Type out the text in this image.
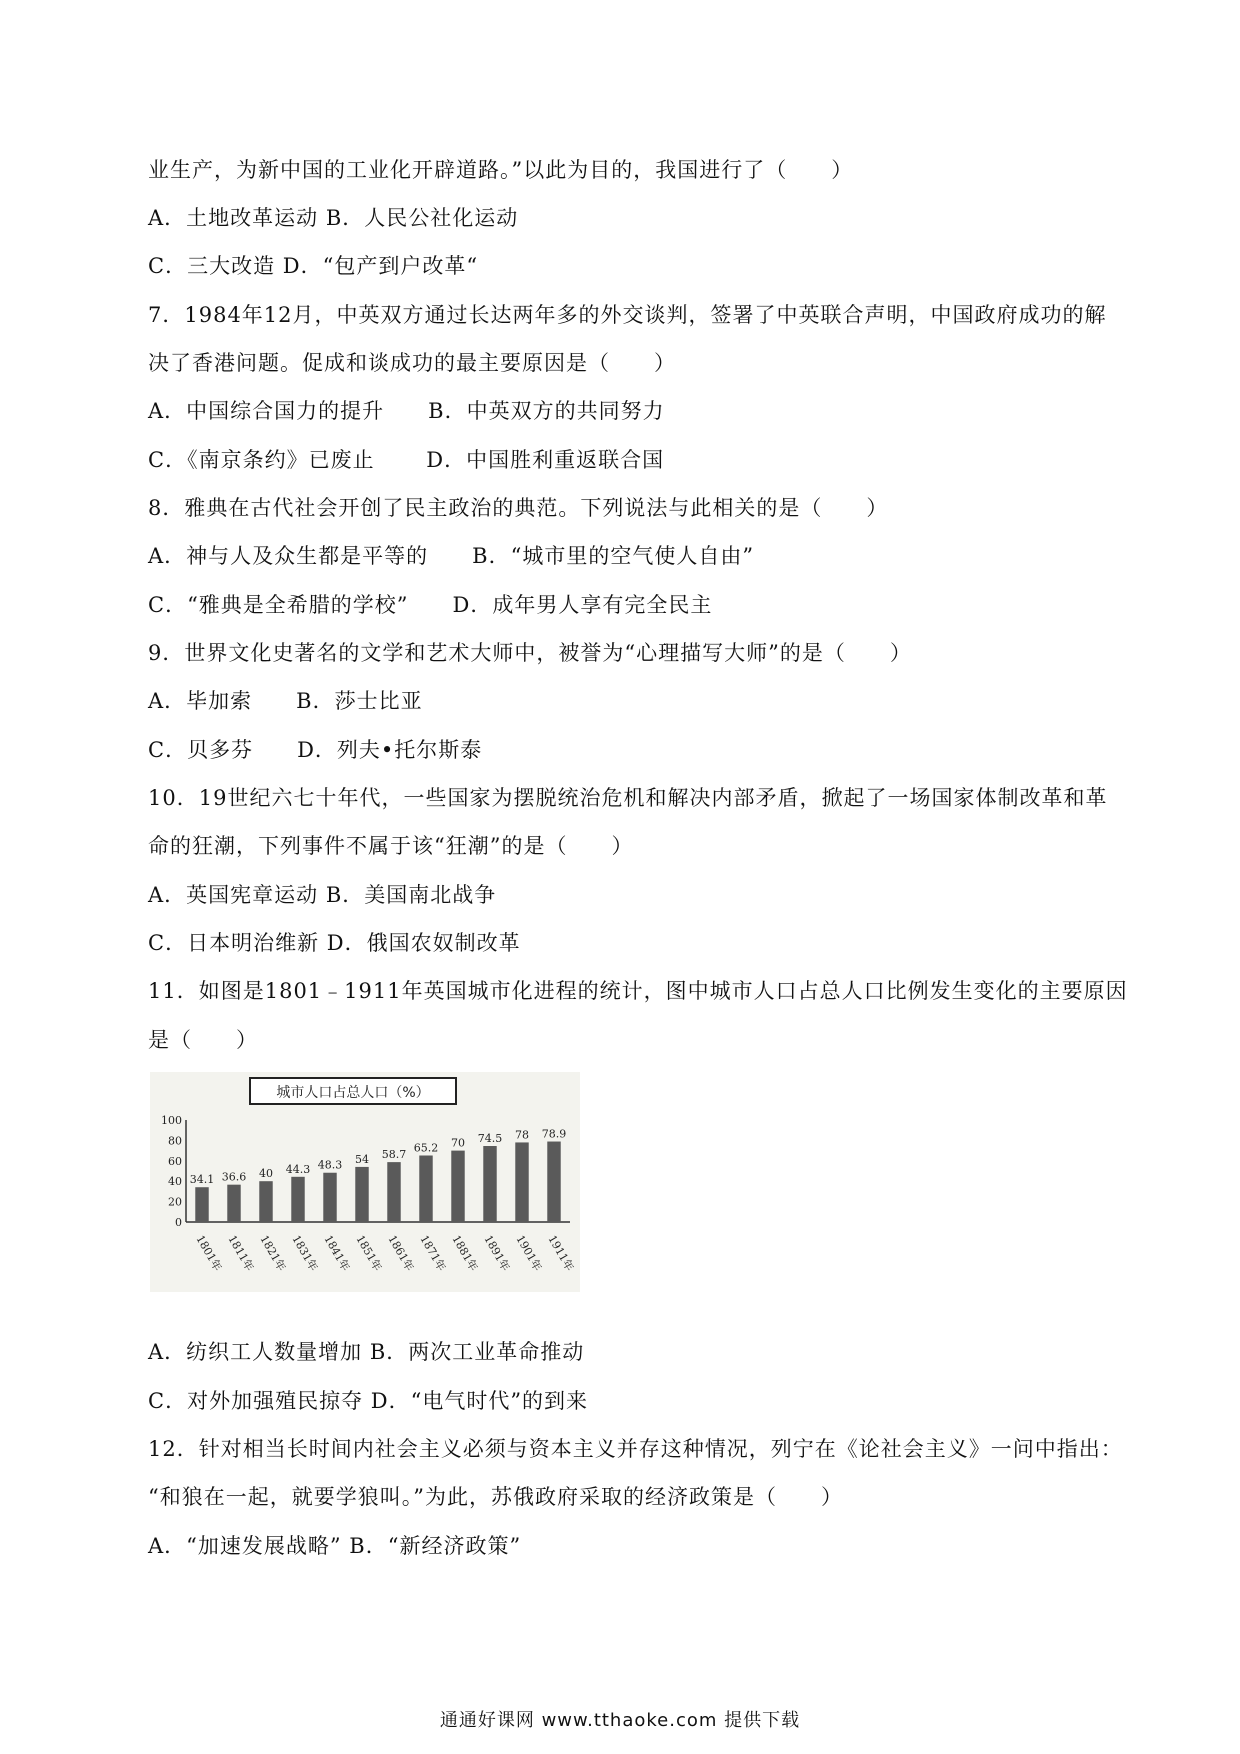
业生产，为新中国的工业化开辟道路。”以此为目的，我国进行了（　　）
A．土地改革运动 B．人民公社化运动
C．三大改造 D．“包产到户改革“
7．1984年12月，中英双方通过长达两年多的外交谈判，签署了中英联合声明，中国政府成功的解
决了香港问题。促成和谈成功的最主要原因是（　　）
A．中国综合国力的提升　　B．中英双方的共同努力
C．《南京条约》已废止　　 D．中国胜利重返联合国
8．雅典在古代社会开创了民主政治的典范。下列说法与此相关的是（　　）
A．神与人及众生都是平等的　　B．“城市里的空气使人自由”
C．“雅典是全希腊的学校”　　D．成年男人享有完全民主
9．世界文化史著名的文学和艺术大师中，被誉为“心理描写大师”的是（　　）
A．毕加索　　B．莎士比亚
C．贝多芬　　D．列夫•托尔斯泰
10．19世纪六七十年代，一些国家为摆脱统治危机和解决内部矛盾，掀起了一场国家体制改革和革
命的狂潮，下列事件不属于该“狂潮”的是（　　）
A．英国宪章运动 B．美国南北战争
C．日本明治维新 D．俄国农奴制改革
11．如图是1801﹣1911年英国城市化进程的统计，图中城市人口占总人口比例发生变化的主要原因
是（　　）
城市人口占总人口（%）
100
80
60
40
20
0
34.1 36.6 40 44.3 48.3 54 58.7
65.2 70 74.5 78 78.9
1801年 1811年 1821年 1831年 1841年 1851年 1861年 1871年 1881年 1891年 1901年 1911年
A．纺织工人数量增加 B．两次工业革命推动
C．对外加强殖民掠夺 D．“电气时代”的到来
12．针对相当长时间内社会主义必须与资本主义并存这种情况，列宁在《论社会主义》一问中指出：
“和狼在一起，就要学狼叫。”为此，苏俄政府采取的经济政策是（　　）
A．“加速发展战略” B．“新经济政策”
通通好课网 www.tthaoke.com 提供下载
